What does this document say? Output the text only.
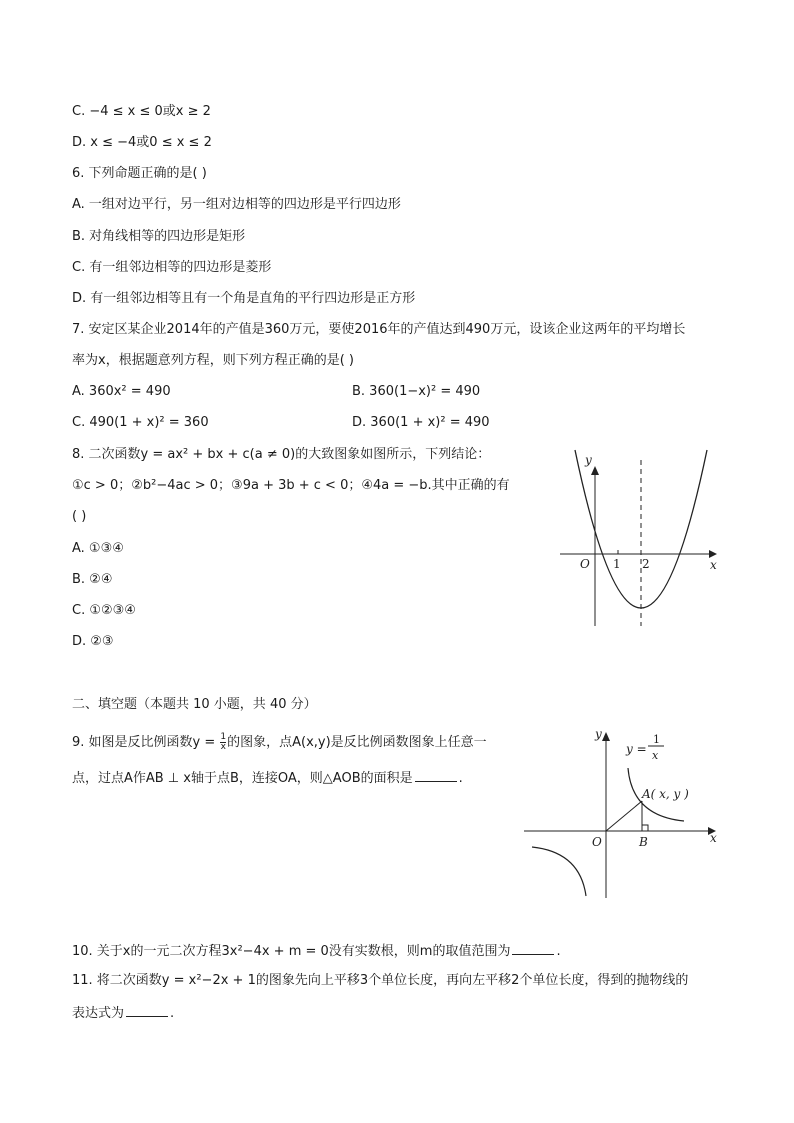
C. −4 ≤ x ≤ 0或x ≥ 2
D. x ≤ −4或0 ≤ x ≤ 2
6. 下列命题正确的是( )
A. 一组对边平行，另一组对边相等的四边形是平行四边形
B. 对角线相等的四边形是矩形
C. 有一组邻边相等的四边形是菱形
D. 有一组邻边相等且有一个角是直角的平行四边形是正方形
7. 安定区某企业2014年的产值是360万元，要使2016年的产值达到490万元，设该企业这两年的平均增长
率为x，根据题意列方程，则下列方程正确的是( )
A. 360x² = 490	B. 360(1−x)² = 490
C. 490(1 + x)² = 360	D. 360(1 + x)² = 490
8. 二次函数y = ax² + bx + c(a ≠ 0)的大致图象如图所示，下列结论：
①c > 0；②b²−4ac > 0；③9a + 3b + c < 0；④4a = −b.其中正确的有
( )
A. ①③④
B. ②④
C. ①②③④
D. ②③
y
x
O 1 2
二、填空题（本题共 10 小题，共 40 分）
9. 如图是反比例函数$y = \frac{1}{x}$ 的图象，点A(x,y)是反比例函数图象上任意一
点，过点A作AB ⊥ x轴于点B，连接OA，则△AOB的面积是	.
y
x
O	B
A( x, y )
y =
1
x
10. 关于x的一元二次方程3x²−4x + m = 0没有实数根，则m的取值范围为	.
11. 将二次函数y = x²−2x + 1的图象先向上平移3个单位长度，再向左平移2个单位长度，得到的抛物线的
表达式为	.
